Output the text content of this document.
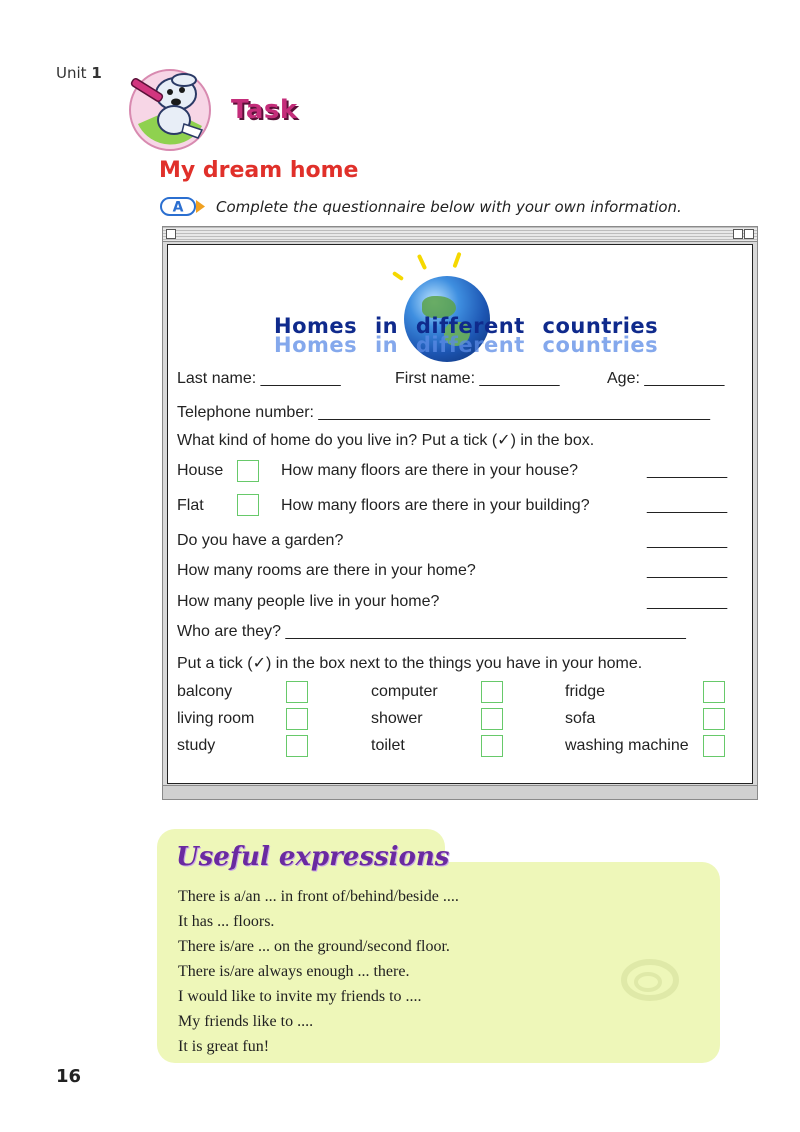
Unit 1
Task
My dream home
A Complete the questionnaire below with your own information.
Homes in different countries
Homes in different countries
Last name: _________	First name: _________	Age: _________
Telephone number: ____________________________________________
What kind of home do you live in? Put a tick (✓) in the box.
House	How many floors are there in your house?	_________
Flat	How many floors are there in your building?	_________
Do you have a garden?	_________
How many rooms are there in your home?	_________
How many people live in your home?	_________
Who are they? _____________________________________________
Put a tick (✓) in the box next to the things you have in your home.
balcony	computer	fridge
living room	shower	sofa
study	toilet	washing machine
Useful expressions
There is a/an ... in front of/behind/beside ....
It has ... floors.
There is/are ... on the ground/second floor.
There is/are always enough ... there.
I would like to invite my friends to ....
My friends like to ....
It is great fun!
16
